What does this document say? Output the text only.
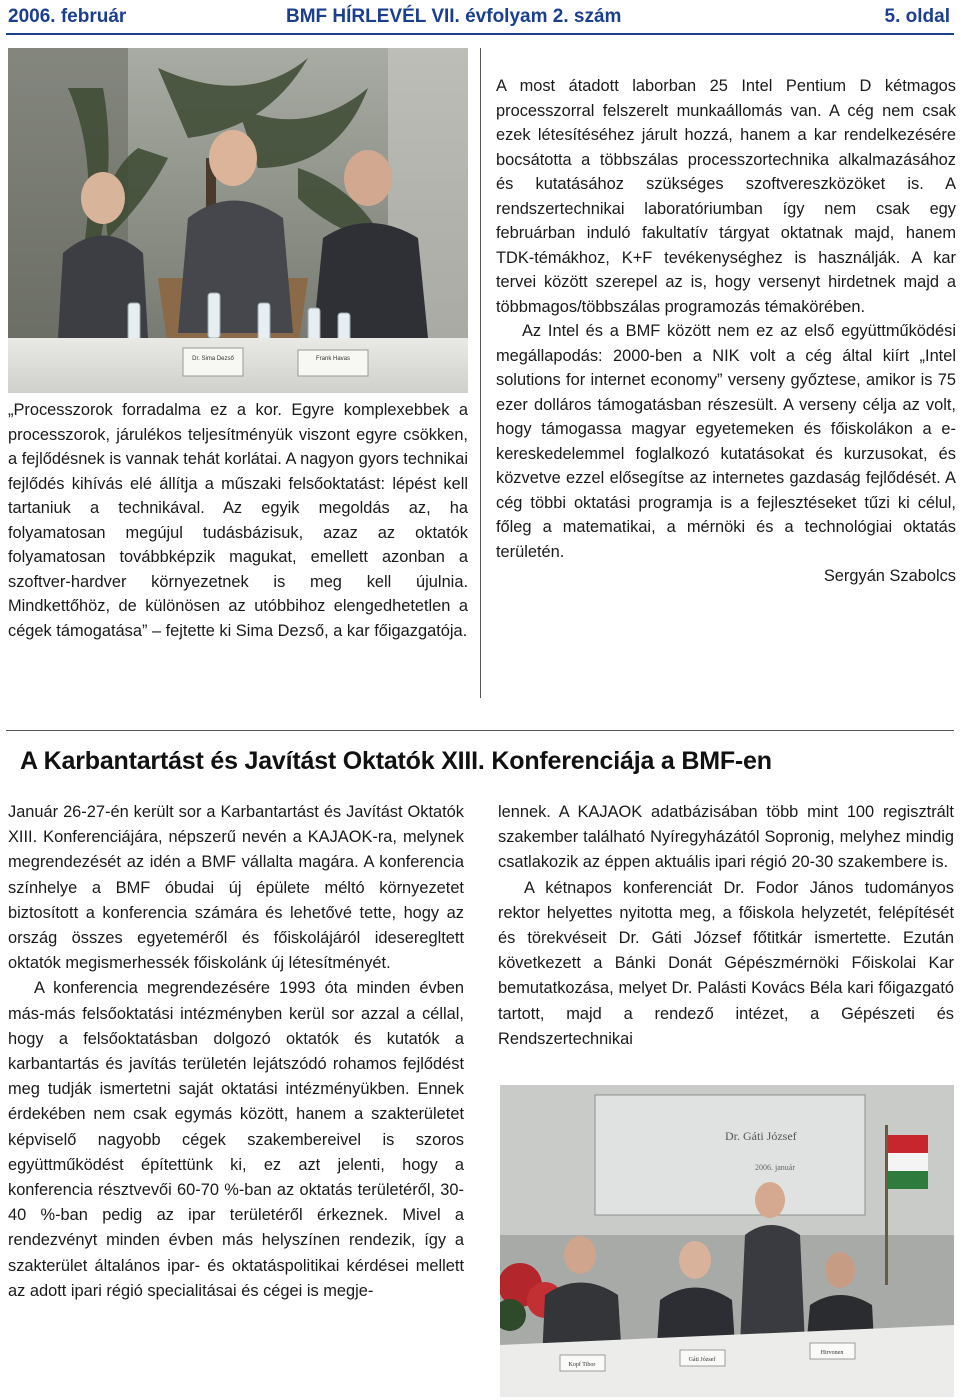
2006. február	BMF HÍRLEVÉL VII. évfolyam 2. szám	5. oldal
Dr. Sima Dezső	Frank Havas

„Processzorok forradalma ez a kor. Egyre komplexebbek a processzorok, járulékos teljesítményük viszont egyre csökken, a fejlődésnek is vannak tehát korlátai. A nagyon gyors technikai fejlődés kihívás elé állítja a műszaki felsőoktatást: lépést kell tartaniuk a technikával. Az egyik megoldás az, ha folyamatosan megújul tudásbázisuk, azaz az oktatók folyamatosan továbbképzik magukat, emellett azonban a szoftver-hardver környezetnek is meg kell újulnia. Mindkettőhöz, de különösen az utóbbihoz elengedhetetlen a cégek támogatása” – fejtette ki Sima Dezső, a kar főigazgatója.

A most átadott laborban 25 Intel Pentium D kétmagos processzorral felszerelt munkaállomás van. A cég nem csak ezek létesítéséhez járult hozzá, hanem a kar rendelkezésére bocsátotta a többszálas processzortechnika alkalmazásához és kutatásához szükséges szoftvereszközöket is. A rendszertechnikai laboratóriumban így nem csak egy februárban induló fakultatív tárgyat oktatnak majd, hanem TDK-témákhoz, K+F tevékenységhez is használják. A kar tervei között szerepel az is, hogy versenyt hirdetnek majd a többmagos/többszálas programozás témakörében.

Az Intel és a BMF között nem ez az első együttműködési megállapodás: 2000-ben a NIK volt a cég által kiírt „Intel solutions for internet economy” verseny győztese, amikor is 75 ezer dolláros támogatásban részesült. A verseny célja az volt, hogy támogassa magyar egyetemeken és főiskolákon a e-kereskedelemmel foglalkozó kutatásokat és kurzusokat, és közvetve ezzel elősegítse az internetes gazdaság fejlődését. A cég többi oktatási programja is a fejlesztéseket tűzi ki célul, főleg a matematikai, a mérnöki és a technológiai oktatás területén.

Sergyán Szabolcs

A Karbantartást és Javítást Oktatók XIII. Konferenciája a BMF-en

Január 26-27-én került sor a Karbantartást és Javítást Oktatók XIII. Konferenciájára, népszerű nevén a KAJAOK-ra, melynek megrendezését az idén a BMF vállalta magára. A konferencia színhelye a BMF óbudai új épülete méltó környezetet biztosított a konferencia számára és lehetővé tette, hogy az ország összes egyeteméről és főiskolájáról ideseregltett oktatók megismerhessék főiskolánk új létesítményét.

A konferencia megrendezésére 1993 óta minden évben más-más felsőoktatási intézményben kerül sor azzal a céllal, hogy a felsőoktatásban dolgozó oktatók és kutatók a karbantartás és javítás területén lejátszódó rohamos fejlődést meg tudják ismertetni saját oktatási intézményükben. Ennek érdekében nem csak egymás között, hanem a szakterületet képviselő nagyobb cégek szakembereivel is szoros együttműködést építettünk ki, ez azt jelenti, hogy a konferencia résztvevői 60-70 %-ban az oktatás területéről, 30-40 %-ban pedig az ipar területéről érkeznek. Mivel a rendezvényt minden évben más helyszínen rendezik, így a szakterület általános ipar- és oktatáspolitikai kérdései mellett az adott ipari régió specialitásai és cégei is megje-

lennek. A KAJAOK adatbázisában több mint 100 regisztrált szakember található Nyíregyházától Sopronig, melyhez mindig csatlakozik az éppen aktuális ipari régió 20-30 szakembere is.

A kétnapos konferenciát Dr. Fodor János tudományos rektor helyettes nyitotta meg, a főiskola helyzetét, felépítését és törekvéseit Dr. Gáti József főtitkár ismertette. Ezután következett a Bánki Donát Gépészmérnöki Főiskolai Kar bemutatkozása, melyet Dr. Palásti Kovács Béla kari főigazgató tartott, majd a rendező intézet, a Gépészeti és Rendszertechnikai

Dr. Gáti József
2006. január
Kopf Tibor
Gáti József
Hirvonen
